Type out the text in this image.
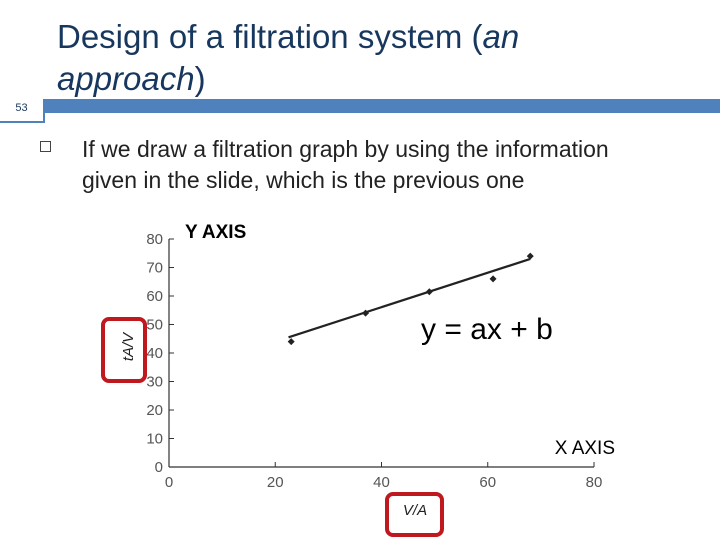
Design of a filtration system (an
approach)
53
If we draw a filtration graph by using the information given in the slide, which is the previous one
0	20	40	60	80
0
10
20
30
40
50
60
70
80
tA/V
V/A
Y AXIS
X AXIS
y = ax + b
